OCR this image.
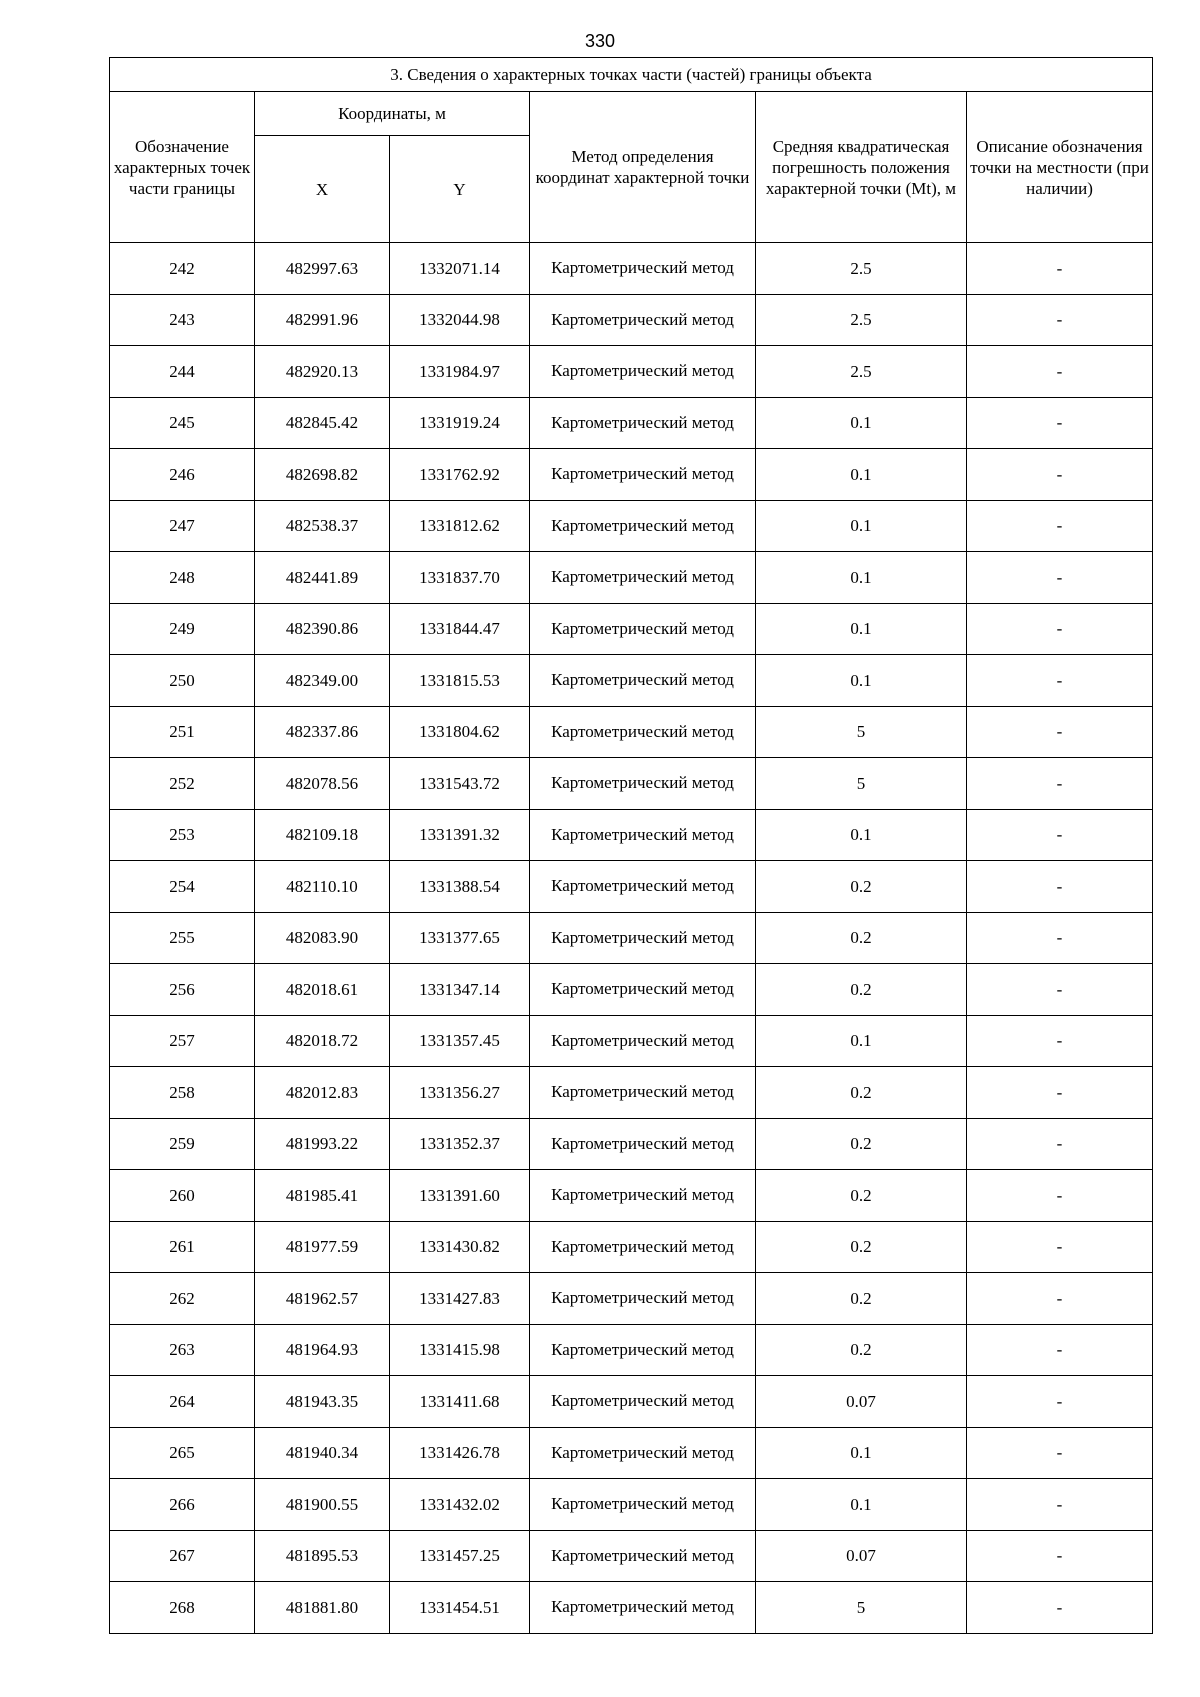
330
3. Сведения о характерных точках части (частей) границы объекта					
Обозначение характерных точек части границы	Координаты, м		Метод определения координат характерной точки	Средняя квадратическая погрешность положения характерной точки (Mt), м	Описание обозначения точки на местности (при наличии)
	X	Y			
242	482997.63	1332071.14	Картометрический метод	2.5	-
243	482991.96	1332044.98	Картометрический метод	2.5	-
244	482920.13	1331984.97	Картометрический метод	2.5	-
245	482845.42	1331919.24	Картометрический метод	0.1	-
246	482698.82	1331762.92	Картометрический метод	0.1	-
247	482538.37	1331812.62	Картометрический метод	0.1	-
248	482441.89	1331837.70	Картометрический метод	0.1	-
249	482390.86	1331844.47	Картометрический метод	0.1	-
250	482349.00	1331815.53	Картометрический метод	0.1	-
251	482337.86	1331804.62	Картометрический метод	5	-
252	482078.56	1331543.72	Картометрический метод	5	-
253	482109.18	1331391.32	Картометрический метод	0.1	-
254	482110.10	1331388.54	Картометрический метод	0.2	-
255	482083.90	1331377.65	Картометрический метод	0.2	-
256	482018.61	1331347.14	Картометрический метод	0.2	-
257	482018.72	1331357.45	Картометрический метод	0.1	-
258	482012.83	1331356.27	Картометрический метод	0.2	-
259	481993.22	1331352.37	Картометрический метод	0.2	-
260	481985.41	1331391.60	Картометрический метод	0.2	-
261	481977.59	1331430.82	Картометрический метод	0.2	-
262	481962.57	1331427.83	Картометрический метод	0.2	-
263	481964.93	1331415.98	Картометрический метод	0.2	-
264	481943.35	1331411.68	Картометрический метод	0.07	-
265	481940.34	1331426.78	Картометрический метод	0.1	-
266	481900.55	1331432.02	Картометрический метод	0.1	-
267	481895.53	1331457.25	Картометрический метод	0.07	-
268	481881.80	1331454.51	Картометрический метод	5	-
